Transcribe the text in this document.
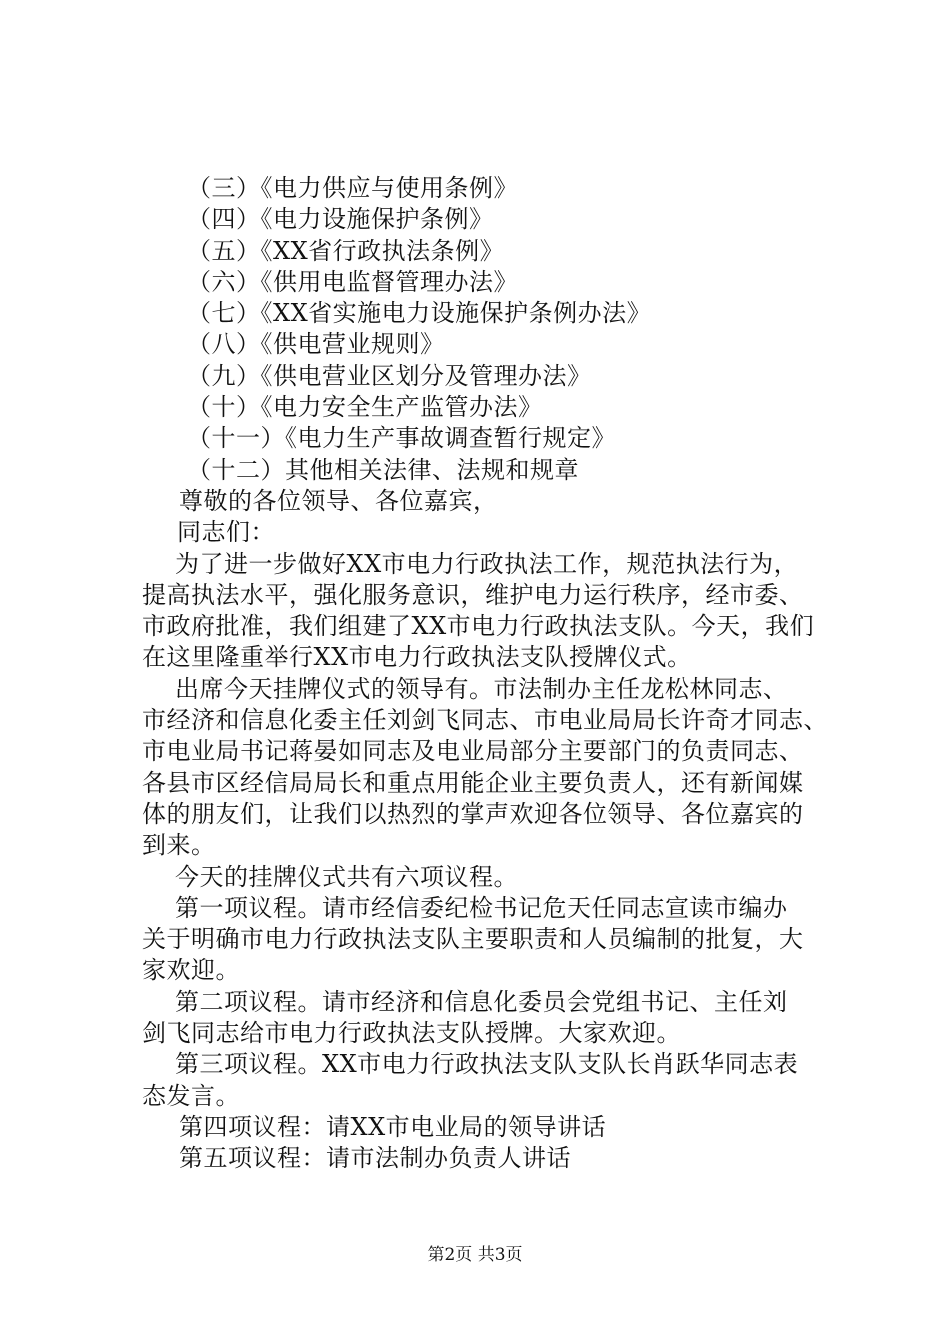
（三）《电力供应与使用条例》
（四）《电力设施保护条例》
（五）《XX省行政执法条例》
（六）《供用电监督管理办法》
（七）《XX省实施电力设施保护条例办法》
（八）《供电营业规则》
（九）《供电营业区划分及管理办法》
（十）《电力安全生产监管办法》
（十一）《电力生产事故调查暂行规定》
（十二）其他相关法律、法规和规章
尊敬的各位领导、各位嘉宾，
同志们：
为了进一步做好XX市电力行政执法工作，规范执法行为，
提高执法水平，强化服务意识，维护电力运行秩序，经市委、
市政府批准，我们组建了XX市电力行政执法支队。今天，我们
在这里隆重举行XX市电力行政执法支队授牌仪式。
出席今天挂牌仪式的领导有。市法制办主任龙松林同志、
市经济和信息化委主任刘剑飞同志、市电业局局长许奇才同志、
市电业局书记蒋晏如同志及电业局部分主要部门的负责同志、
各县市区经信局局长和重点用能企业主要负责人，还有新闻媒
体的朋友们，让我们以热烈的掌声欢迎各位领导、各位嘉宾的
到来。
今天的挂牌仪式共有六项议程。
第一项议程。请市经信委纪检书记危天任同志宣读市编办
关于明确市电力行政执法支队主要职责和人员编制的批复，大
家欢迎。
第二项议程。请市经济和信息化委员会党组书记、主任刘
剑飞同志给市电力行政执法支队授牌。大家欢迎。
第三项议程。XX市电力行政执法支队支队长肖跃华同志表
态发言。
第四项议程：请XX市电业局的领导讲话
第五项议程：请市法制办负责人讲话
第2页 共3页
